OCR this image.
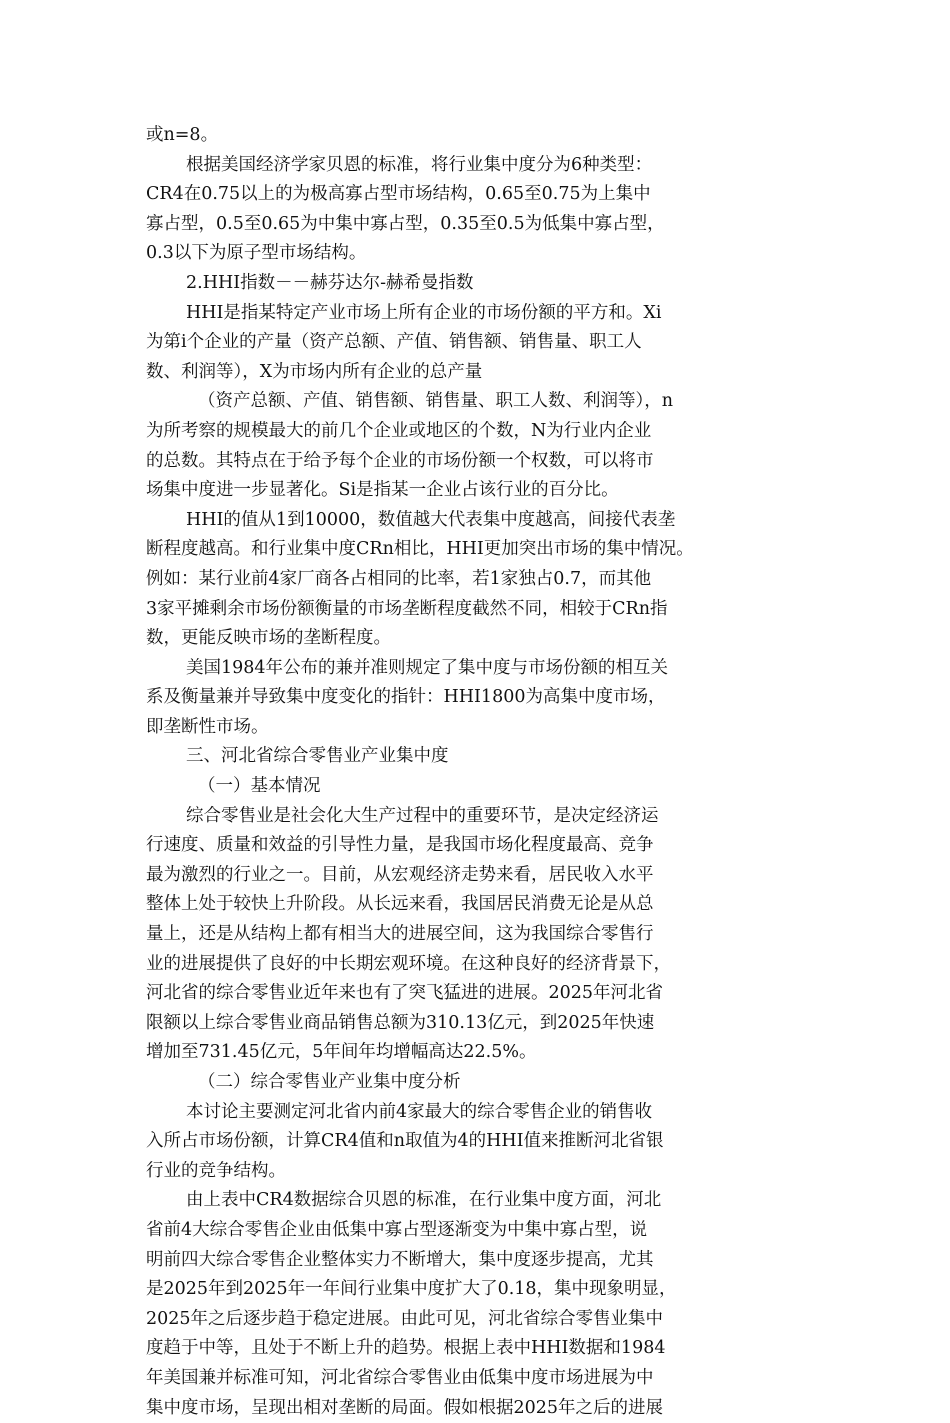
或n=8。
根据美国经济学家贝恩的标准，将行业集中度分为6种类型：
CR4在0.75以上的为极高寡占型市场结构，0.65至0.75为上集中
寡占型，0.5至0.65为中集中寡占型，0.35至0.5为低集中寡占型，
0.3以下为原子型市场结构。
2.HHI指数－－赫芬达尔-赫希曼指数
HHI是指某特定产业市场上所有企业的市场份额的平方和。Xi
为第i个企业的产量（资产总额、产值、销售额、销售量、职工人
数、利润等），X为市场内所有企业的总产量
（资产总额、产值、销售额、销售量、职工人数、利润等），n
为所考察的规模最大的前几个企业或地区的个数，N为行业内企业
的总数。其特点在于给予每个企业的市场份额一个权数，可以将市
场集中度进一步显著化。Si是指某一企业占该行业的百分比。
HHI的值从1到10000，数值越大代表集中度越高，间接代表垄
断程度越高。和行业集中度CRn相比，HHI更加突出市场的集中情况。
例如：某行业前4家厂商各占相同的比率，若1家独占0.7，而其他
3家平摊剩余市场份额衡量的市场垄断程度截然不同，相较于CRn指
数，更能反映市场的垄断程度。
美国1984年公布的兼并准则规定了集中度与市场份额的相互关
系及衡量兼并导致集中度变化的指针：HHI1800为高集中度市场，
即垄断性市场。
三、河北省综合零售业产业集中度
（一）基本情况
综合零售业是社会化大生产过程中的重要环节，是决定经济运
行速度、质量和效益的引导性力量，是我国市场化程度最高、竞争
最为激烈的行业之一。目前，从宏观经济走势来看，居民收入水平
整体上处于较快上升阶段。从长远来看，我国居民消费无论是从总
量上，还是从结构上都有相当大的进展空间，这为我国综合零售行
业的进展提供了良好的中长期宏观环境。在这种良好的经济背景下，
河北省的综合零售业近年来也有了突飞猛进的进展。2025年河北省
限额以上综合零售业商品销售总额为310.13亿元，到2025年快速
增加至731.45亿元，5年间年均增幅高达22.5%。
（二）综合零售业产业集中度分析
本讨论主要测定河北省内前4家最大的综合零售企业的销售收
入所占市场份额，计算CR4值和n取值为4的HHI值来推断河北省银
行业的竞争结构。
由上表中CR4数据综合贝恩的标准，在行业集中度方面，河北
省前4大综合零售企业由低集中寡占型逐渐变为中集中寡占型，说
明前四大综合零售企业整体实力不断增大，集中度逐步提高，尤其
是2025年到2025年一年间行业集中度扩大了0.18，集中现象明显，
2025年之后逐步趋于稳定进展。由此可见，河北省综合零售业集中
度趋于中等，且处于不断上升的趋势。根据上表中HHI数据和1984
年美国兼并标准可知，河北省综合零售业由低集中度市场进展为中
集中度市场，呈现出相对垄断的局面。假如根据2025年之后的进展
